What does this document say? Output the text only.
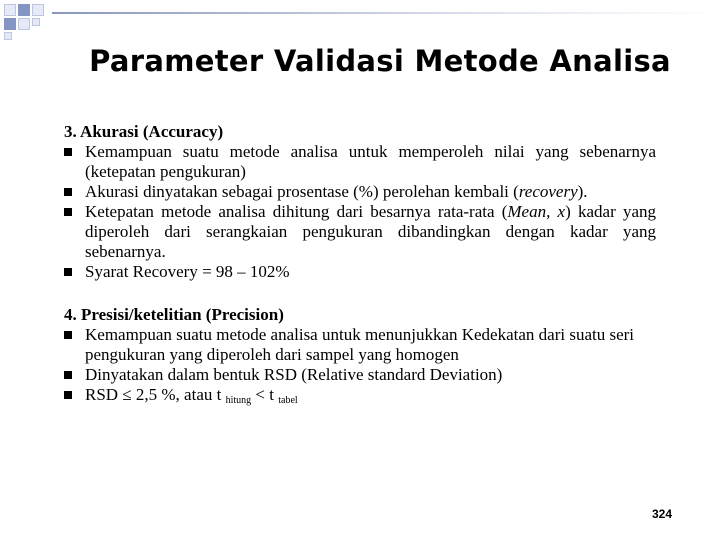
Parameter Validasi Metode Analisa
3. Akurasi (Accuracy)
Kemampuan suatu metode analisa untuk memperoleh nilai yang sebenarnya (ketepatan pengukuran)
Akurasi dinyatakan sebagai prosentase (%) perolehan kembali (recovery).
Ketepatan metode analisa dihitung dari besarnya rata-rata (Mean, x) kadar yang diperoleh dari serangkaian pengukuran dibandingkan dengan kadar yang sebenarnya.
Syarat Recovery = 98 – 102%
4. Presisi/ketelitian (Precision)
Kemampuan suatu metode analisa untuk menunjukkan Kedekatan dari suatu seri pengukuran yang diperoleh dari sampel yang homogen
Dinyatakan dalam bentuk RSD (Relative standard Deviation)
RSD ≤ 2,5 %, atau t $_{hitung}$ < t $_{tabel}$
324
